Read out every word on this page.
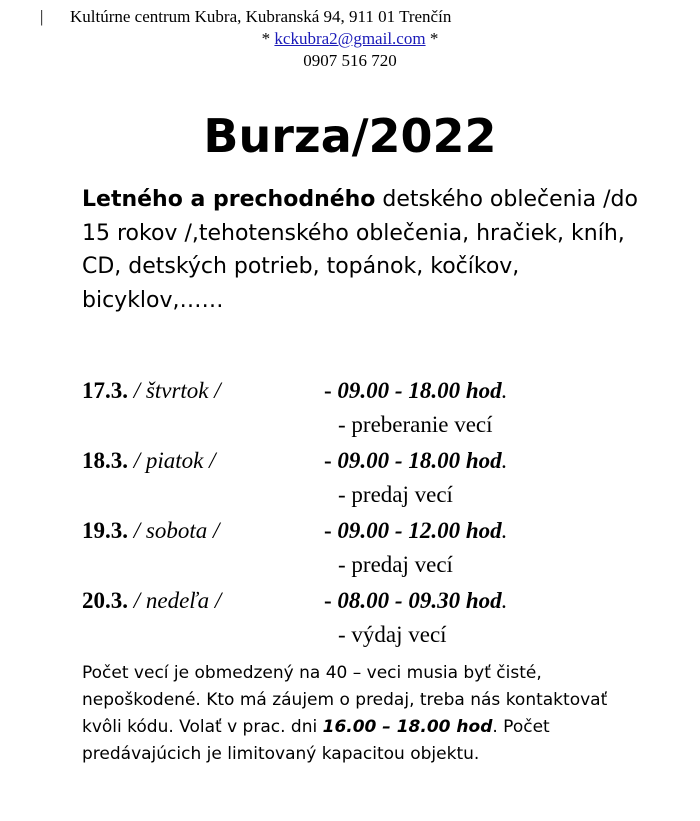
| Kultúrne centrum Kubra, Kubranská 94, 911 01 Trenčín
* kckubra2@gmail.com *
0907 516 720
Burza/2022
Letného a prechodného detského oblečenia /do 15 rokov /,tehotenského oblečenia, hračiek, kníh, CD, detských potrieb, topánok, kočíkov, bicyklov,……
17.3. / štvrtok /	- 09.00 - 18.00 hod.
- preberanie vecí
18.3. / piatok /	- 09.00 - 18.00 hod.
- predaj vecí
19.3. / sobota /	- 09.00 - 12.00 hod.
- predaj vecí
20.3. / nedeľa /	- 08.00 - 09.30 hod.
- výdaj vecí
Počet vecí je obmedzený na 40 – veci musia byť čisté, nepoškodené. Kto má záujem o predaj, treba nás kontaktovať kvôli kódu. Volať v prac. dni 16.00 – 18.00 hod. Počet predávajúcich je limitovaný kapacitou objektu.
